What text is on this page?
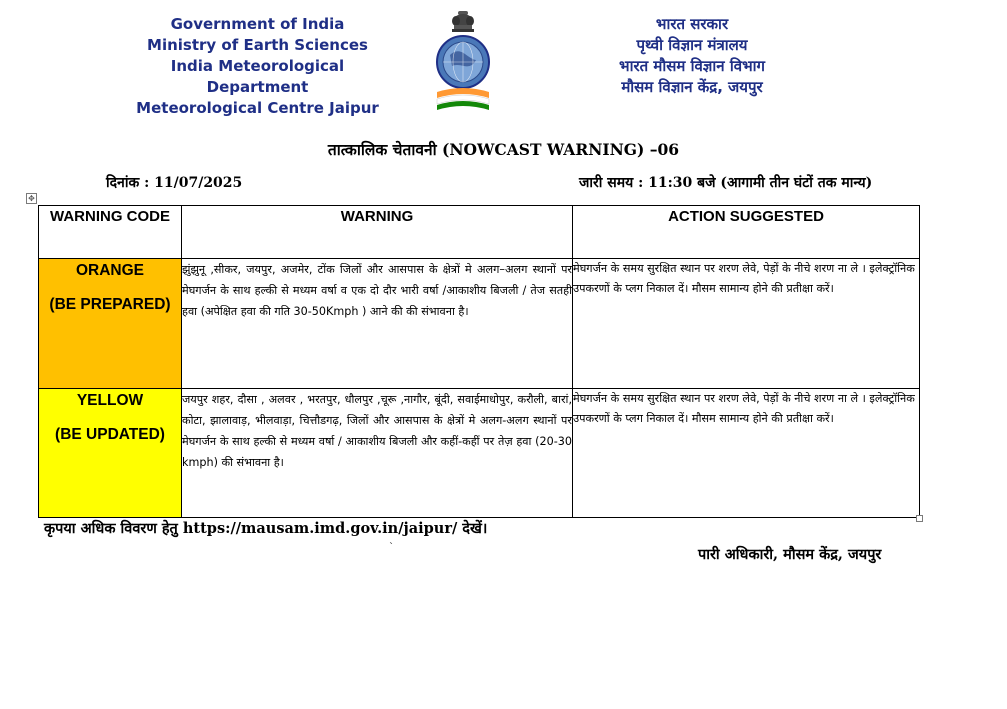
Government of India
Ministry of Earth Sciences
India Meteorological Department
Meteorological Centre Jaipur
भारत सरकार
पृथ्वी विज्ञान मंत्रालय
भारत मौसम विज्ञान विभाग
मौसम विज्ञान केंद्र, जयपुर
तात्कालिक चेतावनी (NOWCAST WARNING) –06
दिनांक : 11/07/2025	जारी समय : 11:30 बजे (आगामी तीन घंटों तक मान्य)
✥
WARNING CODE	WARNING	ACTION SUGGESTED

ORANGE
(BE PREPARED)	झुंझुनू ,सीकर, जयपुर, अजमेर, टोंक जिलों और आसपास के क्षेत्रों मे अलग–अलग स्थानों पर मेघगर्जन के साथ हल्की से मध्यम वर्षा व एक दो दौर भारी वर्षा /आकाशीय बिजली / तेज सतही हवा (अपेक्षित हवा की गति 30-50Kmph ) आने की की संभावना है।	मेघगर्जन के समय सुरक्षित स्थान पर शरण लेवे, पेड़ों के नीचे शरण ना ले । इलेक्ट्रॉनिक उपकरणों के प्लग निकाल दें। मौसम सामान्य होने की प्रतीक्षा करें।

YELLOW
(BE UPDATED)	जयपुर शहर, दौसा , अलवर , भरतपुर, धौलपुर ,चूरू ,नागौर, बूंदी, सवाईमाधोपुर, करौली, बारां, कोटा, झालावाड़, भीलवाड़ा, चित्तौडगढ़, जिलों और आसपास के क्षेत्रों मे अलग-अलग स्थानों पर मेघगर्जन के साथ हल्की से मध्यम वर्षा / आकाशीय बिजली और कहीं-कहीं पर तेज़ हवा (20-30 kmph) की संभावना है।	मेघगर्जन के समय सुरक्षित स्थान पर शरण लेवे, पेड़ों के नीचे शरण ना ले । इलेक्ट्रॉनिक उपकरणों के प्लग निकाल दें। मौसम सामान्य होने की प्रतीक्षा करें।
कृपया अधिक विवरण हेतु https://mausam.imd.gov.in/jaipur/ देखें।
ˋ	पारी अधिकारी, मौसम केंद्र, जयपुर
